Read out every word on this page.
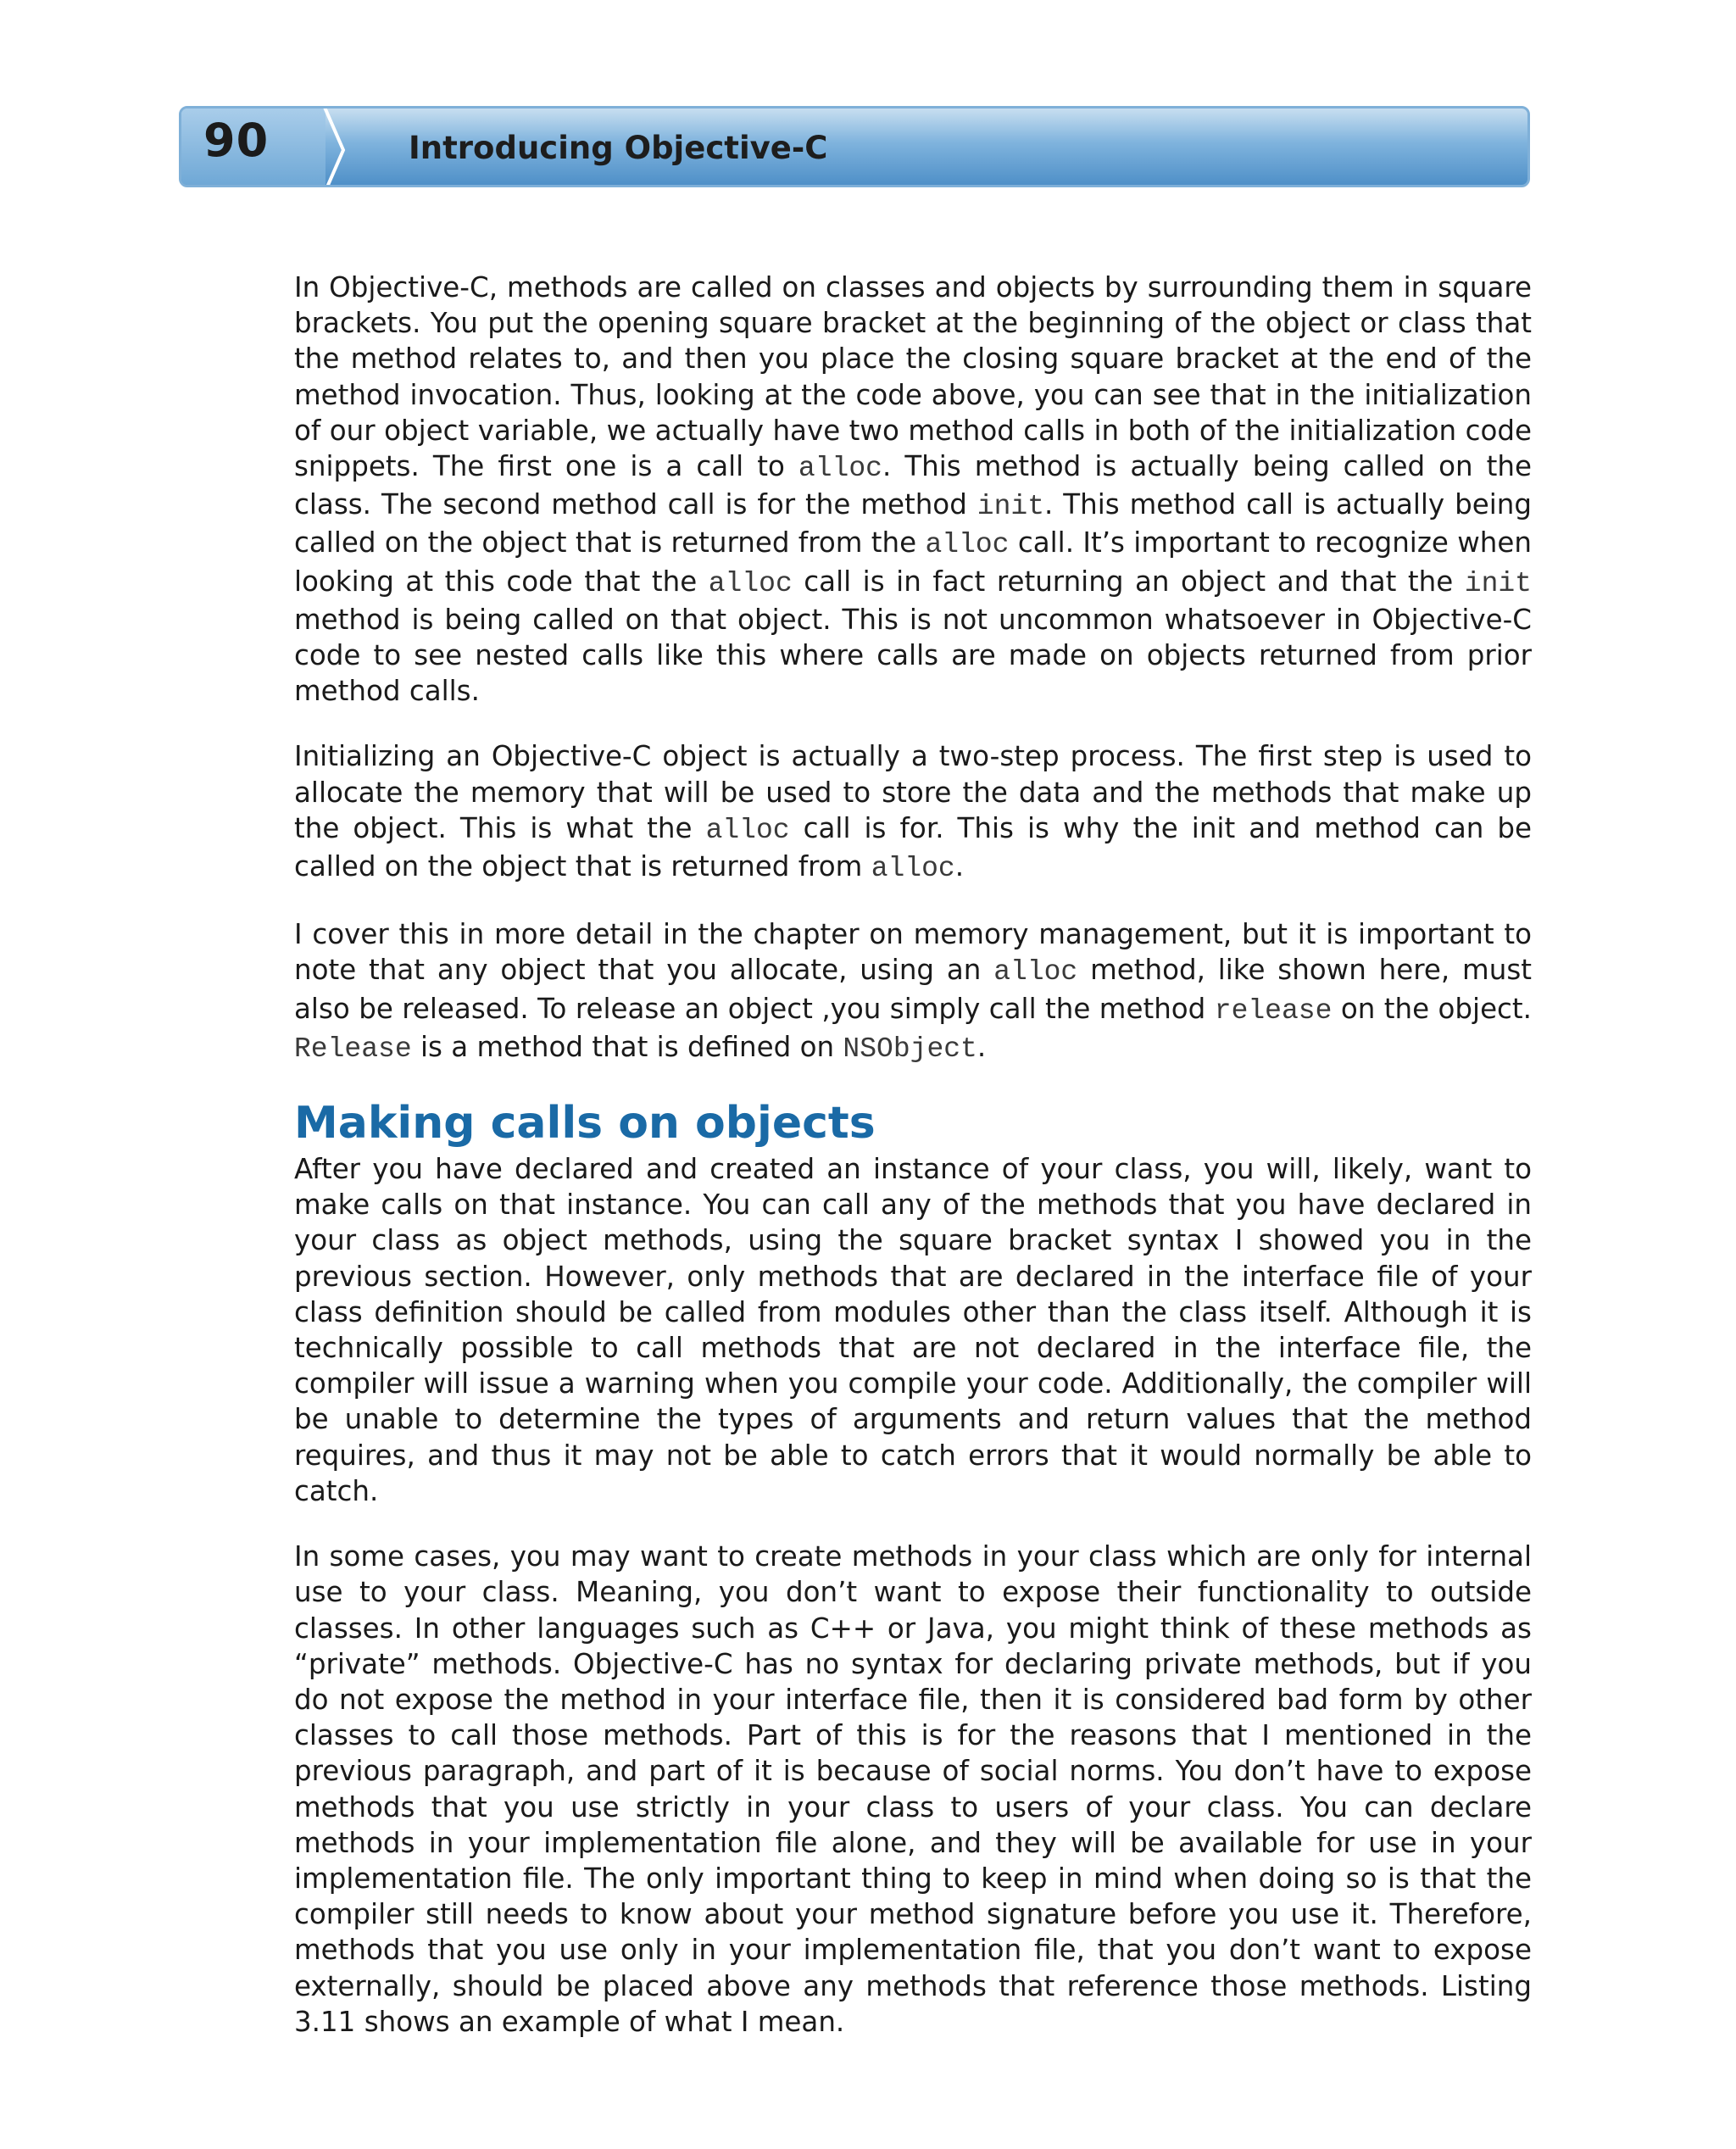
90	Introducing Objective-C

In Objective-C, methods are called on classes and objects by surrounding them in square brackets. You put the opening square bracket at the beginning of the object or class that the method relates to, and then you place the closing square bracket at the end of the method invocation. Thus, looking at the code above, you can see that in the initialization of our object variable, we actually have two method calls in both of the initialization code snippets. The first one is a call to alloc. This method is actually being called on the class. The second method call is for the method init. This method call is actually being called on the object that is returned from the alloc call. It’s important to recognize when looking at this code that the alloc call is in fact returning an object and that the init method is being called on that object. This is not uncommon whatsoever in Objective-C code to see nested calls like this where calls are made on objects returned from prior method calls.

Initializing an Objective-C object is actually a two-step process. The first step is used to allocate the memory that will be used to store the data and the methods that make up the object. This is what the alloc call is for. This is why the init and method can be called on the object that is returned from alloc.

I cover this in more detail in the chapter on memory management, but it is important to note that any object that you allocate, using an alloc method, like shown here, must also be released. To release an object ,you simply call the method release on the object. Release is a method that is defined on NSObject.

Making calls on objects

After you have declared and created an instance of your class, you will, likely, want to make calls on that instance. You can call any of the methods that you have declared in your class as object methods, using the square bracket syntax I showed you in the previous section. However, only methods that are declared in the interface file of your class definition should be called from modules other than the class itself. Although it is technically possible to call methods that are not declared in the interface file, the compiler will issue a warning when you compile your code. Additionally, the compiler will be unable to determine the types of arguments and return values that the method requires, and thus it may not be able to catch errors that it would normally be able to catch.

In some cases, you may want to create methods in your class which are only for internal use to your class. Meaning, you don’t want to expose their functionality to outside classes. In other languages such as C++ or Java, you might think of these methods as “private” methods. Objective-C has no syntax for declaring private methods, but if you do not expose the method in your interface file, then it is considered bad form by other classes to call those methods. Part of this is for the reasons that I mentioned in the previous paragraph, and part of it is because of social norms. You don’t have to expose methods that you use strictly in your class to users of your class. You can declare methods in your implementation file alone, and they will be available for use in your implementation file. The only important thing to keep in mind when doing so is that the compiler still needs to know about your method signature before you use it. Therefore, methods that you use only in your implementation file, that you don’t want to expose externally, should be placed above any methods that reference those methods. Listing 3.11 shows an example of what I mean.
